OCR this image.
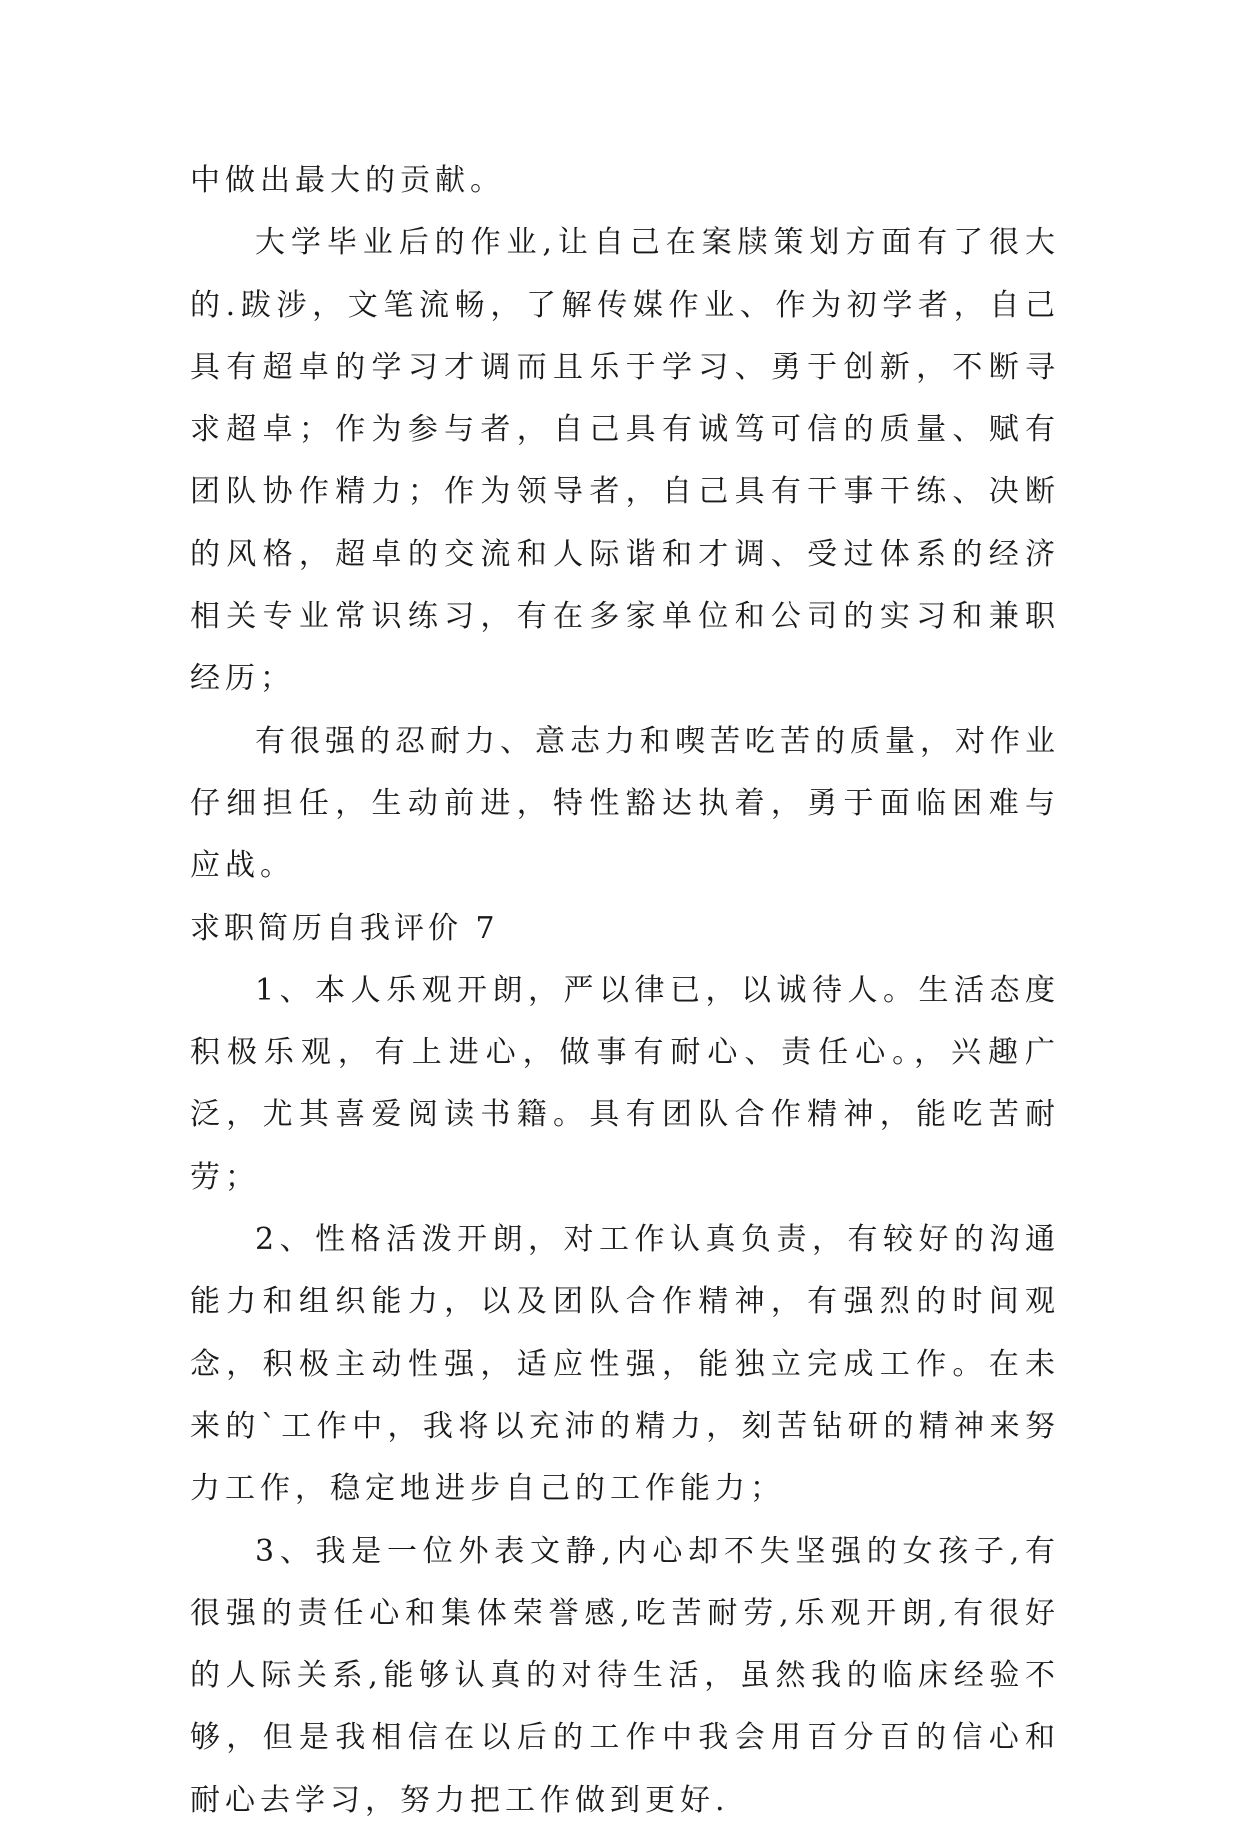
中做出最大的贡献。

大学毕业后的作业,让自己在案牍策划方面有了很大的.跋涉，文笔流畅，了解传媒作业、作为初学者，自己具有超卓的学习才调而且乐于学习、勇于创新，不断寻求超卓；作为参与者，自己具有诚笃可信的质量、赋有团队协作精力；作为领导者，自己具有干事干练、决断的风格，超卓的交流和人际谐和才调、受过体系的经济相关专业常识练习，有在多家单位和公司的实习和兼职经历；

有很强的忍耐力、意志力和喫苦吃苦的质量，对作业仔细担任，生动前进，特性豁达执着，勇于面临困难与应战。

求职简历自我评价 7

1、本人乐观开朗，严以律已，以诚待人。生活态度积极乐观，有上进心，做事有耐心、责任心。，兴趣广泛，尤其喜爱阅读书籍。具有团队合作精神，能吃苦耐劳；

2、性格活泼开朗，对工作认真负责，有较好的沟通能力和组织能力，以及团队合作精神，有强烈的时间观念，积极主动性强，适应性强，能独立完成工作。在未来的`工作中，我将以充沛的精力，刻苦钻研的精神来努力工作，稳定地进步自己的工作能力；

3、我是一位外表文静,内心却不失坚强的女孩子,有很强的责任心和集体荣誉感,吃苦耐劳,乐观开朗,有很好的人际关系,能够认真的对待生活，虽然我的临床经验不够，但是我相信在以后的工作中我会用百分百的信心和耐心去学习，努力把工作做到更好.
